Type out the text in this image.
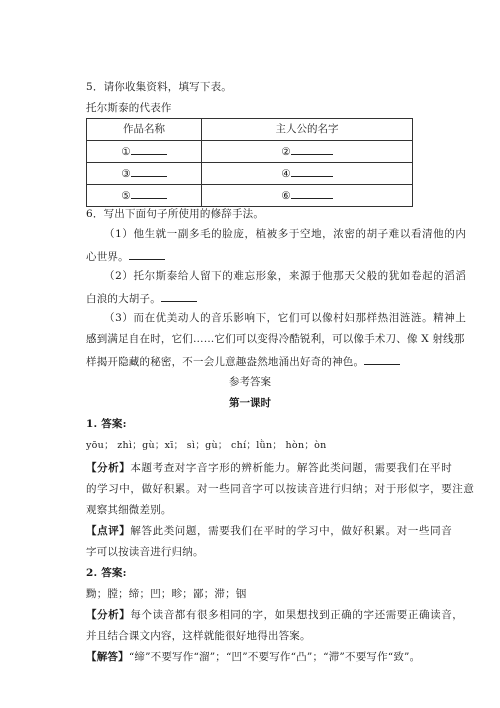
5．请你收集资料，填写下表。
托尔斯泰的代表作
作品名称	主人公的名字
①	②
③	④
⑤	⑥
6．写出下面句子所使用的修辞手法。
（1）他生就一副多毛的脸庞，植被多于空地，浓密的胡子难以看清他的内
心世界。
（2）托尔斯泰给人留下的难忘形象，来源于他那天父般的犹如卷起的滔滔
白浪的大胡子。
（3）而在优美动人的音乐影响下，它们可以像村妇那样热泪涟涟。精神上
感到满足自在时，它们……它们可以变得冷酷锐利，可以像手术刀、像 X 射线那
样揭开隐藏的秘密，不一会儿意趣盎然地涌出好奇的神色。
参考答案
第一课时
1. 答案:
yōu； zhì；gù；xī； sì；gù； chí；lǜn； hòn；òn
【分析】本题考查对字音字形的辨析能力。解答此类问题，需要我们在平时
的学习中，做好积累。对一些同音字可以按读音进行归纳；对于形似字，要注意
观察其细微差别。
【点评】解答此类问题，需要我们在平时的学习中，做好积累。对一些同音
字可以按读音进行归纳。
2. 答案:
黝；膛；缔；凹；畛；鄙；滞；铟
【分析】每个读音都有很多相同的字，如果想找到正确的字还需要正确读音，
并且结合课文内容，这样就能很好地得出答案。
【解答】“缔”不要写作“溜”；“凹”不要写作“凸”；“滞”不要写作“致”。
